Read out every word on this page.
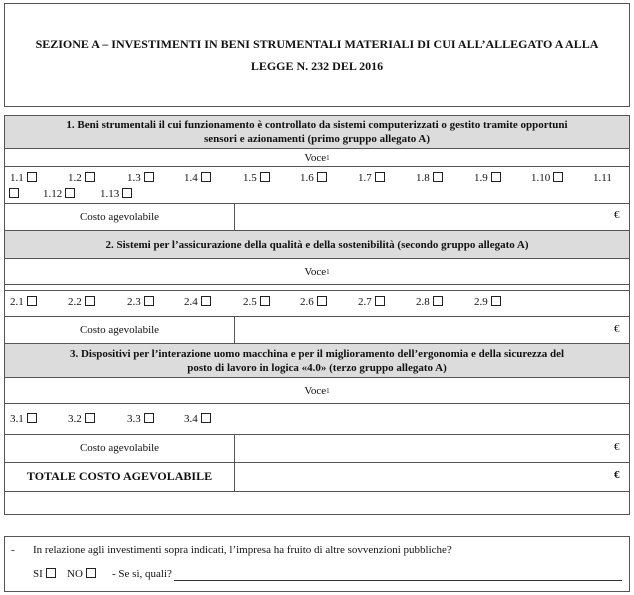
SEZIONE A – INVESTIMENTI IN BENI STRUMENTALI MATERIALI DI CUI ALL’ALLEGATO A ALLA
LEGGE N. 232 DEL 2016
1. Beni strumentali il cui funzionamento è controllato da sistemi computerizzati o gestito tramite opportuni
sensori e azionamenti (primo gruppo allegato A)
Voce 1
1.1	1.2	1.3	1.4	1.5	1.6	1.7	1.8	1.9	1.10	1.11
1.12	1.13
Costo agevolabile	€
2. Sistemi per l’assicurazione della qualità e della sostenibilità (secondo gruppo allegato A)
Voce 1
2.1	2.2	2.3	2.4	2.5	2.6	2.7	2.8	2.9
Costo agevolabile	€
3. Dispositivi per l’interazione uomo macchina e per il miglioramento dell’ergonomia e della sicurezza del
posto di lavoro in logica «4.0» (terzo gruppo allegato A)
Voce 1
3.1	3.2	3.3	3.4
Costo agevolabile	€
TOTALE COSTO AGEVOLABILE	€
- In relazione agli investimenti sopra indicati, l’impresa ha fruito di altre sovvenzioni pubbliche?
SI	NO	- Se sì, quali?
